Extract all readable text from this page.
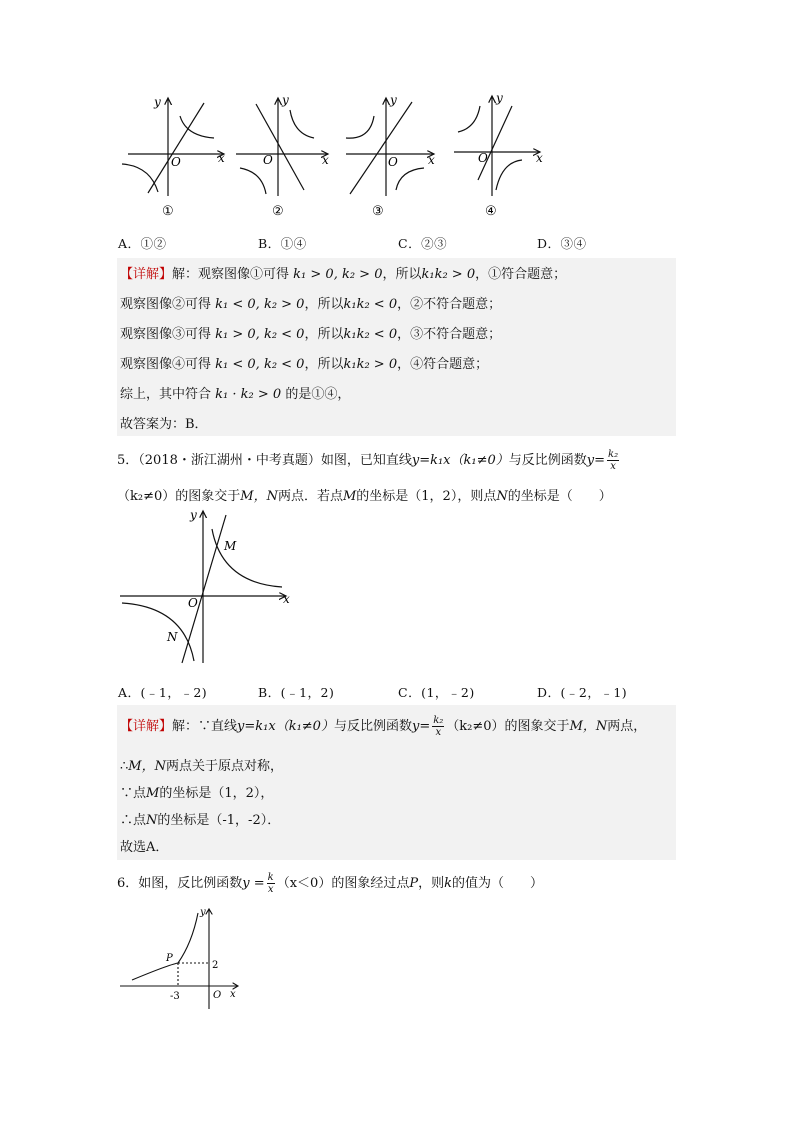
y
x
O
①
y
x
O
②
y
x
O
③
y
x
O
④
A．①②	B．①④	C．②③	D．③④
【详解】解：观察图像①可得 k₁ > 0, k₂ > 0，所以k₁k₂ > 0，①符合题意；
观察图像②可得 k₁ < 0, k₂ > 0，所以k₁k₂ < 0，②不符合题意；
观察图像③可得 k₁ > 0, k₂ < 0，所以k₁k₂ < 0，③不符合题意；
观察图像④可得 k₁ < 0, k₂ < 0，所以k₁k₂ > 0，④符合题意；
综上，其中符合 k₁ · k₂ > 0 的是①④，
故答案为：B．
5．（2018・浙江湖州・中考真题）如图，已知直线y=k₁x（k₁≠0）与反比例函数$y= \frac{\text{k₂}}{x}$
（k₂≠0）的图象交于M，N两点．若点M的坐标是（1，2），则点N的坐标是（　　）
y
x
O
M
N
A．(﹣1，﹣2)	B．(﹣1，2)	C．(1，﹣2)	D．(﹣2，﹣1)
【详解】解：∵直线y=k₁x（k₁≠0）与反比例函数$y= \frac{\text{k₂}}{x} (k_2\ne 0)$的图象交于M，N两点，
∴M，N两点关于原点对称，
∵点M的坐标是（1，2），
∴点N的坐标是（-1，-2）．
故选A．
6．如图，反比例函数$y = \frac{k}{x} (x<0)$的图象经过点P，则k的值为（　　）
y
x
O
P
2
-3
